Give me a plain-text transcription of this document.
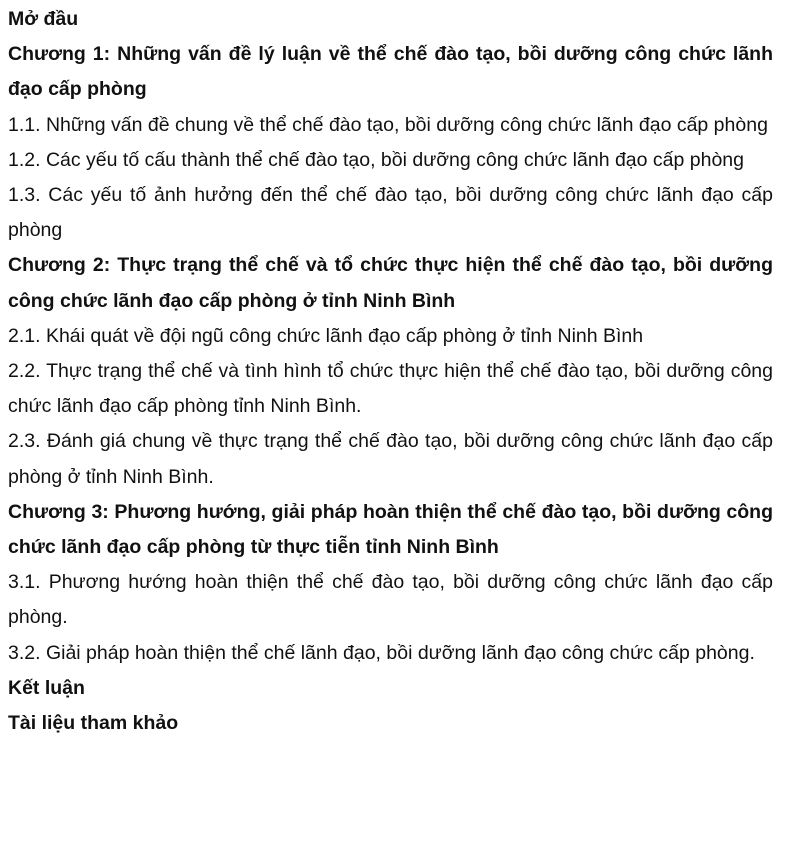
Mở đầu

Chương 1: Những vấn đề lý luận về thể chế đào tạo, bồi dưỡng công chức lãnh đạo cấp phòng

1.1. Những vấn đề chung về thể chế đào tạo, bồi dưỡng công chức lãnh đạo cấp phòng

1.2. Các yếu tố cấu thành thể chế đào tạo, bồi dưỡng công chức lãnh đạo cấp phòng

1.3. Các yếu tố ảnh hưởng đến thể chế đào tạo, bồi dưỡng công chức lãnh đạo cấp phòng

Chương 2: Thực trạng thể chế và tổ chức thực hiện thể chế đào tạo, bồi dưỡng công chức lãnh đạo cấp phòng ở tỉnh Ninh Bình

2.1. Khái quát về đội ngũ công chức lãnh đạo cấp phòng ở tỉnh Ninh Bình

2.2. Thực trạng thể chế và tình hình tổ chức thực hiện thể chế đào tạo, bồi dưỡng công chức lãnh đạo cấp phòng tỉnh Ninh Bình.

2.3. Đánh giá chung về thực trạng thể chế đào tạo, bồi dưỡng công chức lãnh đạo cấp phòng ở tỉnh Ninh Bình.

Chương 3: Phương hướng, giải pháp hoàn thiện thể chế đào tạo, bồi dưỡng công chức lãnh đạo cấp phòng từ thực tiễn tỉnh Ninh Bình

3.1. Phương hướng hoàn thiện thể chế đào tạo, bồi dưỡng công chức lãnh đạo cấp phòng.

3.2. Giải pháp hoàn thiện thể chế lãnh đạo, bồi dưỡng lãnh đạo công chức cấp phòng.

Kết luận

Tài liệu tham khảo
